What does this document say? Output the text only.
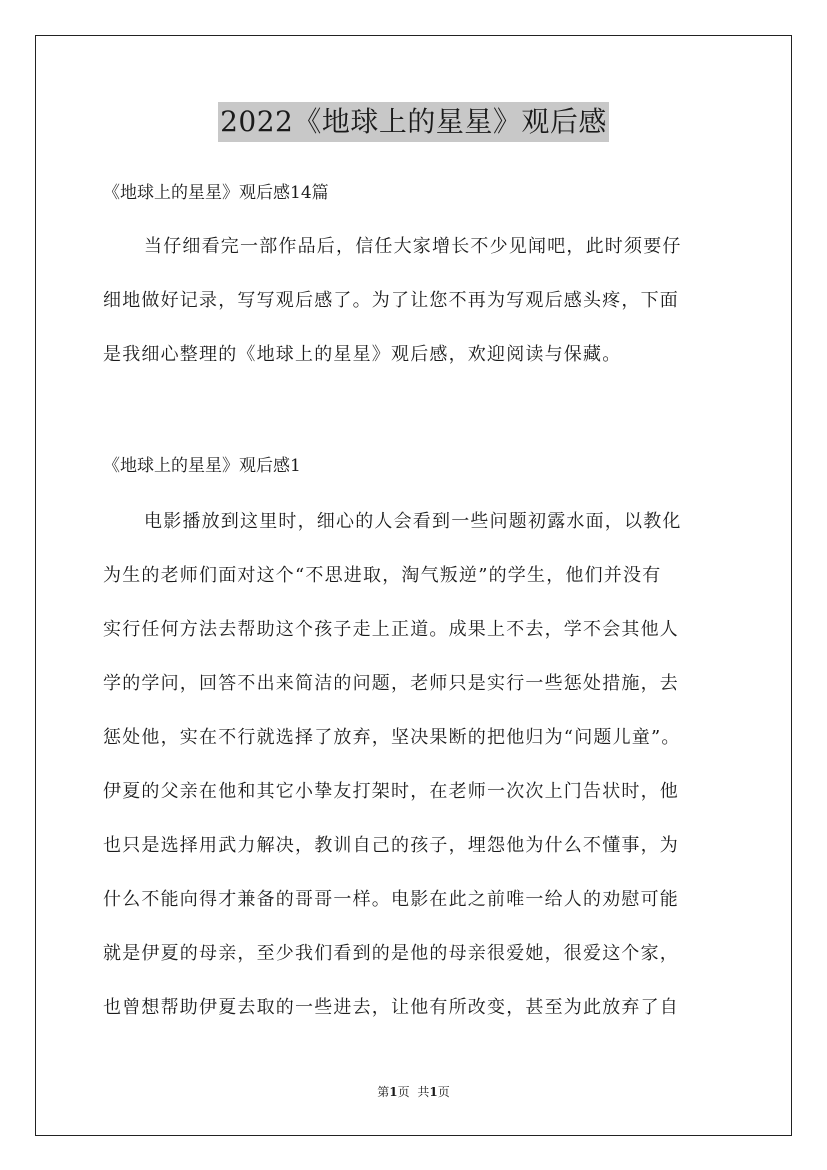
2022《地球上的星星》观后感
《地球上的星星》观后感14篇

当仔细看完一部作品后，信任大家增长不少见闻吧，此时须要仔
细地做好记录，写写观后感了。为了让您不再为写观后感头疼，下面
是我细心整理的《地球上的星星》观后感，欢迎阅读与保藏。

《地球上的星星》观后感1

电影播放到这里时，细心的人会看到一些问题初露水面，以教化
为生的老师们面对这个“不思进取，淘气叛逆”的学生，他们并没有
实行任何方法去帮助这个孩子走上正道。成果上不去，学不会其他人
学的学问，回答不出来简洁的问题，老师只是实行一些惩处措施，去
惩处他，实在不行就选择了放弃，坚决果断的把他归为“问题儿童”。
伊夏的父亲在他和其它小挚友打架时，在老师一次次上门告状时，他
也只是选择用武力解决，教训自己的孩子，埋怨他为什么不懂事，为
什么不能向得才兼备的哥哥一样。电影在此之前唯一给人的劝慰可能
就是伊夏的母亲，至少我们看到的是他的母亲很爱她，很爱这个家，
也曾想帮助伊夏去取的一些进去，让他有所改变，甚至为此放弃了自

第1页 共1页
